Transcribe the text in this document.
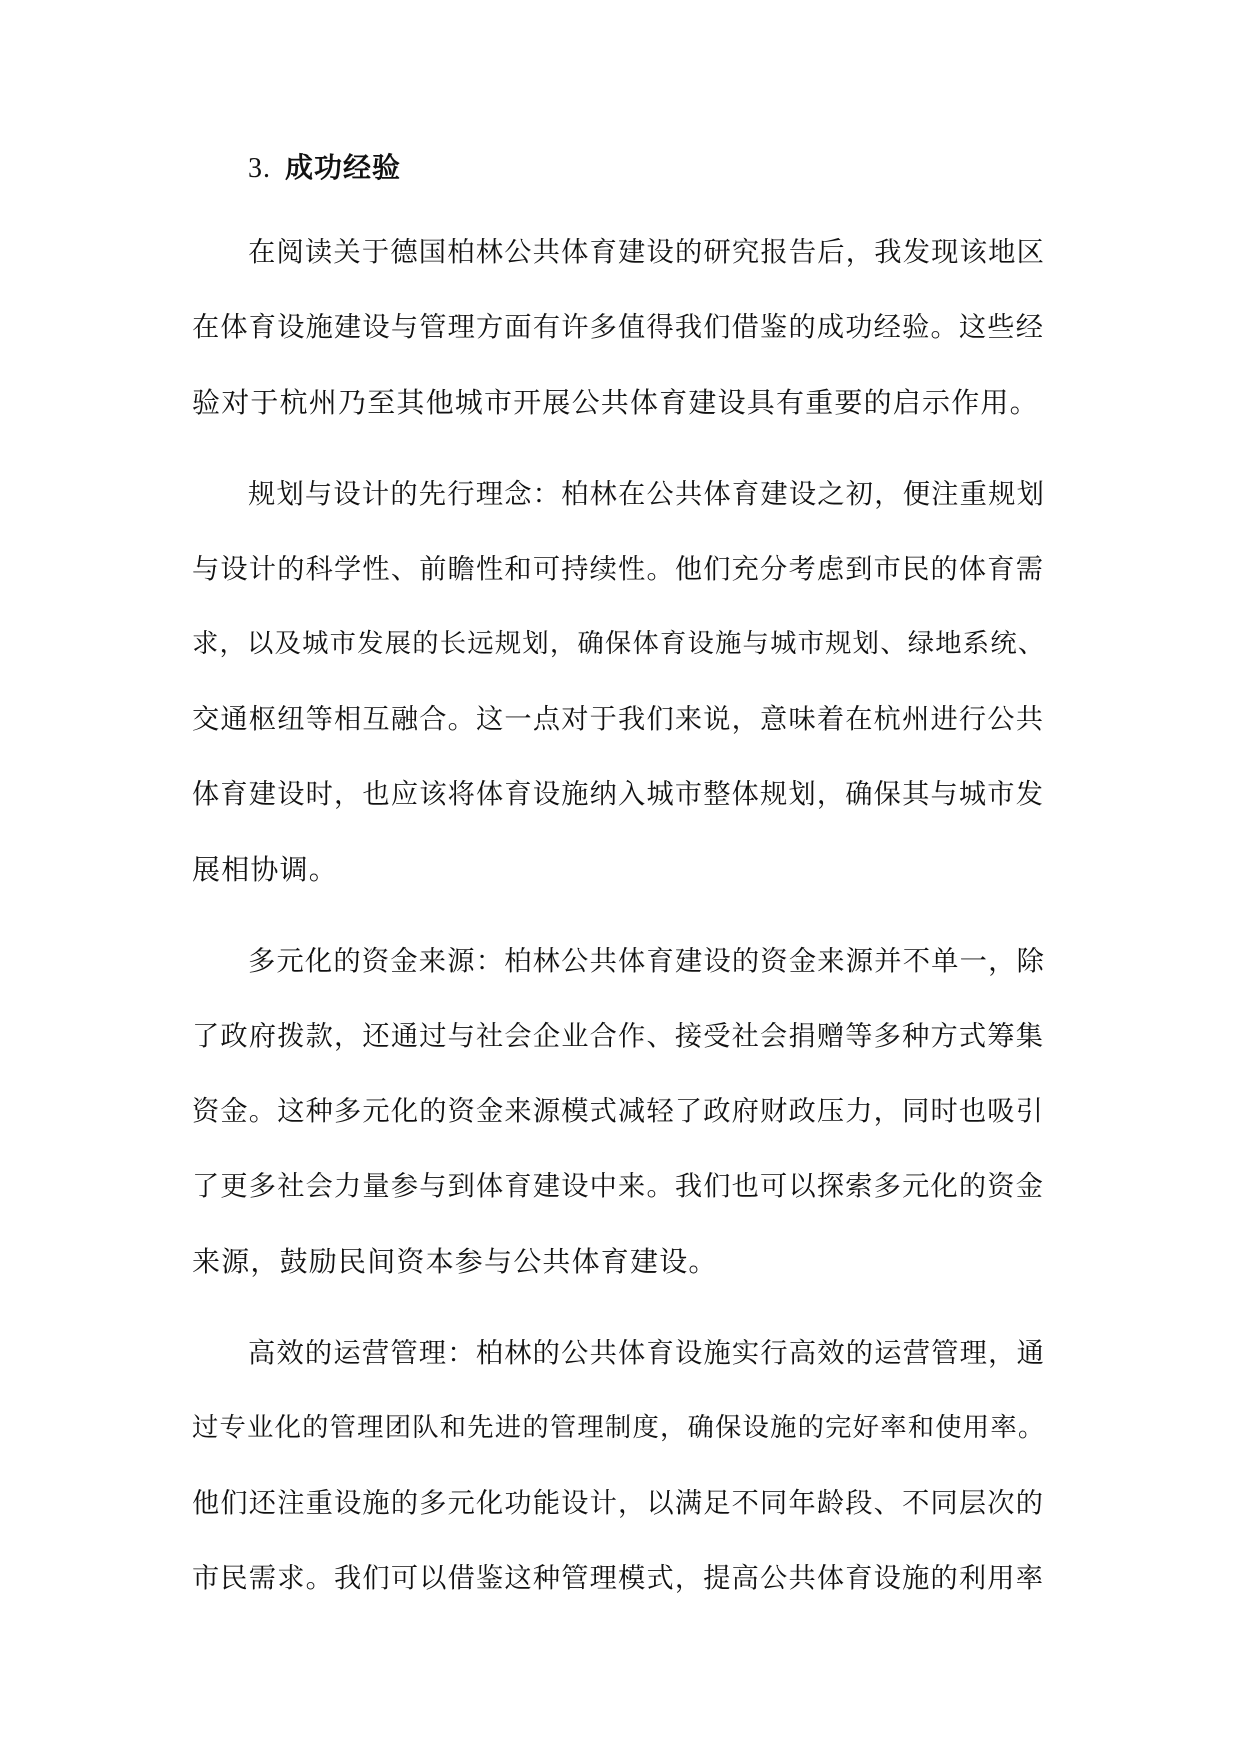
3. 成功经验
在阅读关于德国柏林公共体育建设的研究报告后，我发现该地区
在体育设施建设与管理方面有许多值得我们借鉴的成功经验。这些经
验对于杭州乃至其他城市开展公共体育建设具有重要的启示作用。
规划与设计的先行理念：柏林在公共体育建设之初，便注重规划
与设计的科学性、前瞻性和可持续性。他们充分考虑到市民的体育需
求，以及城市发展的长远规划，确保体育设施与城市规划、绿地系统、
交通枢纽等相互融合。这一点对于我们来说，意味着在杭州进行公共
体育建设时，也应该将体育设施纳入城市整体规划，确保其与城市发
展相协调。
多元化的资金来源：柏林公共体育建设的资金来源并不单一，除
了政府拨款，还通过与社会企业合作、接受社会捐赠等多种方式筹集
资金。这种多元化的资金来源模式减轻了政府财政压力，同时也吸引
了更多社会力量参与到体育建设中来。我们也可以探索多元化的资金
来源，鼓励民间资本参与公共体育建设。
高效的运营管理：柏林的公共体育设施实行高效的运营管理，通
过专业化的管理团队和先进的管理制度，确保设施的完好率和使用率。
他们还注重设施的多元化功能设计，以满足不同年龄段、不同层次的
市民需求。我们可以借鉴这种管理模式，提高公共体育设施的利用率
